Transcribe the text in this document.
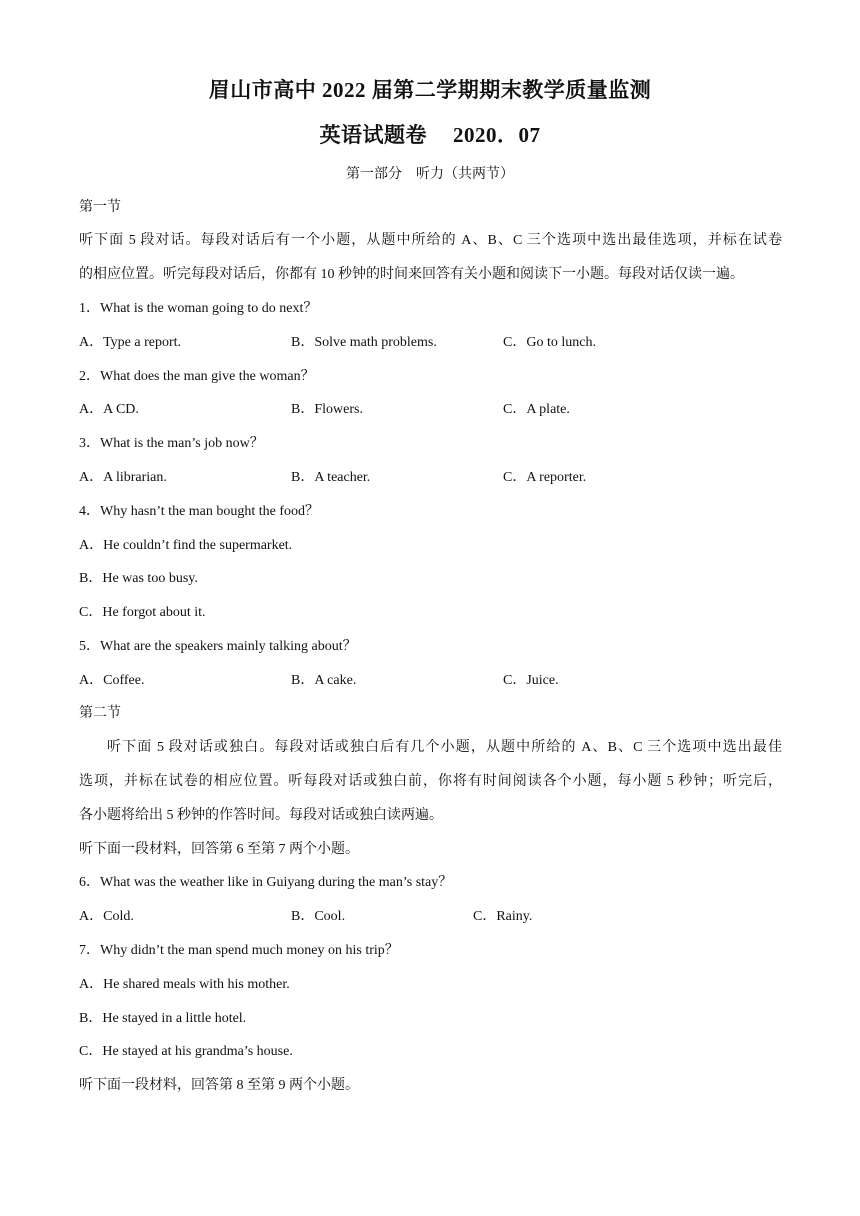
眉山市高中 2022 届第二学期期末教学质量监测
英语试题卷 2020．07
第一部分 听力（共两节）
第一节
听下面 5 段对话。每段对话后有一个小题，从题中所给的 A、B、C 三个选项中选出最佳选项，并标在试卷
的相应位置。听完每段对话后，你都有 10 秒钟的时间来回答有关小题和阅读下一小题。每段对话仅读一遍。
1．What is the woman going to do next？
A．Type a report.	B．Solve math problems.	C．Go to lunch.
2．What does the man give the woman？
A．A CD.	B．Flowers.	C．A plate.
3．What is the man’s job now？
A．A librarian.	B．A teacher.	C．A reporter.
4．Why hasn’t the man bought the food？
A．He couldn’t find the supermarket.
B．He was too busy.
C．He forgot about it.
5．What are the speakers mainly talking about？
A．Coffee.	B．A cake.	C．Juice.
第二节
听下面 5 段对话或独白。每段对话或独白后有几个小题，从题中所给的 A、B、C 三个选项中选出最佳
选项，并标在试卷的相应位置。听每段对话或独白前，你将有时间阅读各个小题，每小题 5 秒钟；听完后，
各小题将给出 5 秒钟的作答时间。每段对话或独白读两遍。
听下面一段材料，回答第 6 至第 7 两个小题。
6．What was the weather like in Guiyang during the man’s stay？
A．Cold.	B．Cool.	C．Rainy.
7．Why didn’t the man spend much money on his trip？
A．He shared meals with his mother.
B．He stayed in a little hotel.
C．He stayed at his grandma’s house.
听下面一段材料，回答第 8 至第 9 两个小题。
